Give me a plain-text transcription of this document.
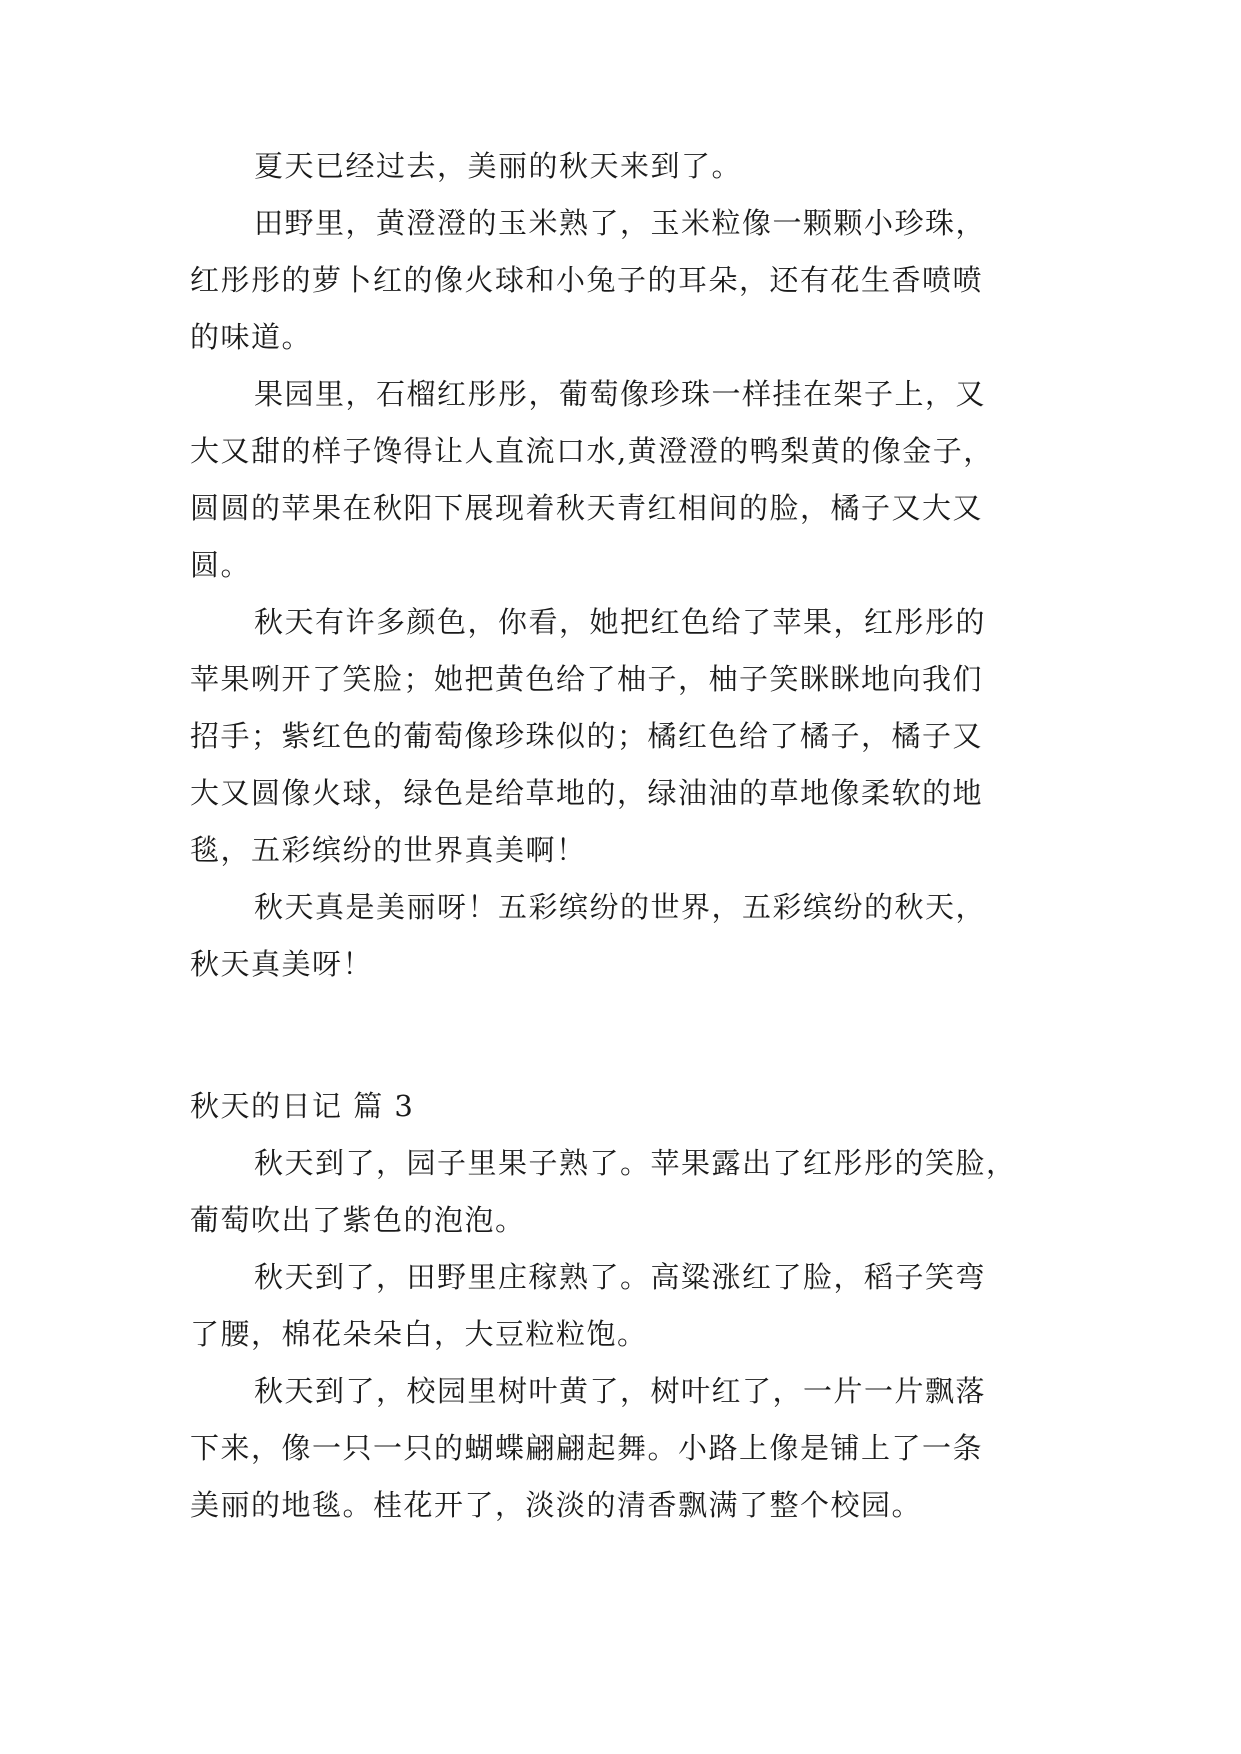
夏天已经过去，美丽的秋天来到了。
田野里，黄澄澄的玉米熟了，玉米粒像一颗颗小珍珠，
红彤彤的萝卜红的像火球和小兔子的耳朵，还有花生香喷喷
的味道。
果园里，石榴红彤彤，葡萄像珍珠一样挂在架子上，又
大又甜的样子馋得让人直流口水,黄澄澄的鸭梨黄的像金子，
圆圆的苹果在秋阳下展现着秋天青红相间的脸，橘子又大又
圆。
秋天有许多颜色，你看，她把红色给了苹果，红彤彤的
苹果咧开了笑脸；她把黄色给了柚子，柚子笑眯眯地向我们
招手；紫红色的葡萄像珍珠似的；橘红色给了橘子，橘子又
大又圆像火球，绿色是给草地的，绿油油的草地像柔软的地
毯，五彩缤纷的世界真美啊！
秋天真是美丽呀！五彩缤纷的世界，五彩缤纷的秋天，
秋天真美呀！
秋天的日记 篇 3
秋天到了，园子里果子熟了。苹果露出了红彤彤的笑脸，
葡萄吹出了紫色的泡泡。
秋天到了，田野里庄稼熟了。高粱涨红了脸，稻子笑弯
了腰，棉花朵朵白，大豆粒粒饱。
秋天到了，校园里树叶黄了，树叶红了，一片一片飘落
下来，像一只一只的蝴蝶翩翩起舞。小路上像是铺上了一条
美丽的地毯。桂花开了，淡淡的清香飘满了整个校园。
